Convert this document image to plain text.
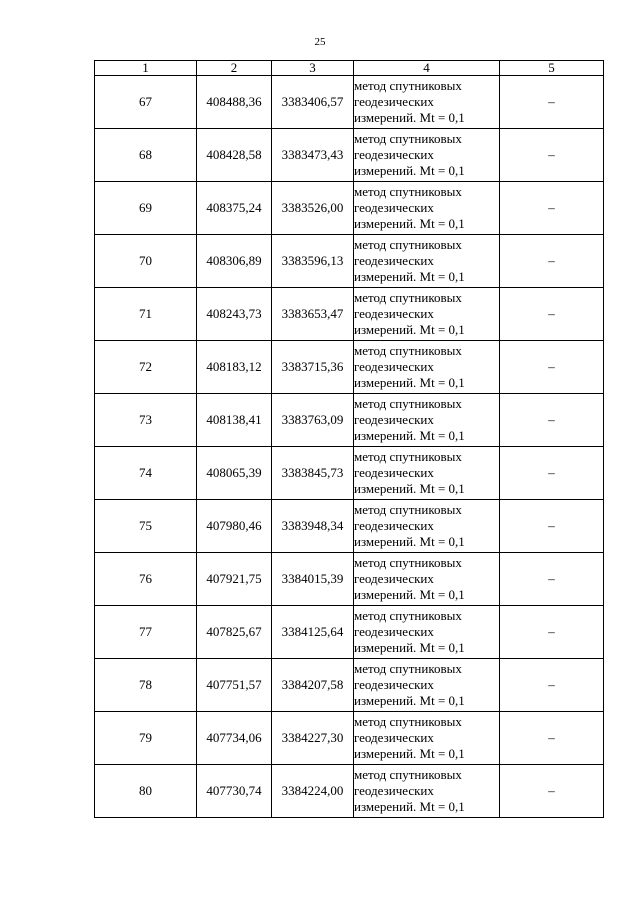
25
1	2	3	4	5
67	408488,36	3383406,57	метод спутниковых
геодезических
измерений. Mt = 0,1	–
68	408428,58	3383473,43	метод спутниковых
геодезических
измерений. Mt = 0,1	–
69	408375,24	3383526,00	метод спутниковых
геодезических
измерений. Mt = 0,1	–
70	408306,89	3383596,13	метод спутниковых
геодезических
измерений. Mt = 0,1	–
71	408243,73	3383653,47	метод спутниковых
геодезических
измерений. Mt = 0,1	–
72	408183,12	3383715,36	метод спутниковых
геодезических
измерений. Mt = 0,1	–
73	408138,41	3383763,09	метод спутниковых
геодезических
измерений. Mt = 0,1	–
74	408065,39	3383845,73	метод спутниковых
геодезических
измерений. Mt = 0,1	–
75	407980,46	3383948,34	метод спутниковых
геодезических
измерений. Mt = 0,1	–
76	407921,75	3384015,39	метод спутниковых
геодезических
измерений. Mt = 0,1	–
77	407825,67	3384125,64	метод спутниковых
геодезических
измерений. Mt = 0,1	–
78	407751,57	3384207,58	метод спутниковых
геодезических
измерений. Mt = 0,1	–
79	407734,06	3384227,30	метод спутниковых
геодезических
измерений. Mt = 0,1	–
80	407730,74	3384224,00	метод спутниковых
геодезических
измерений. Mt = 0,1	–
